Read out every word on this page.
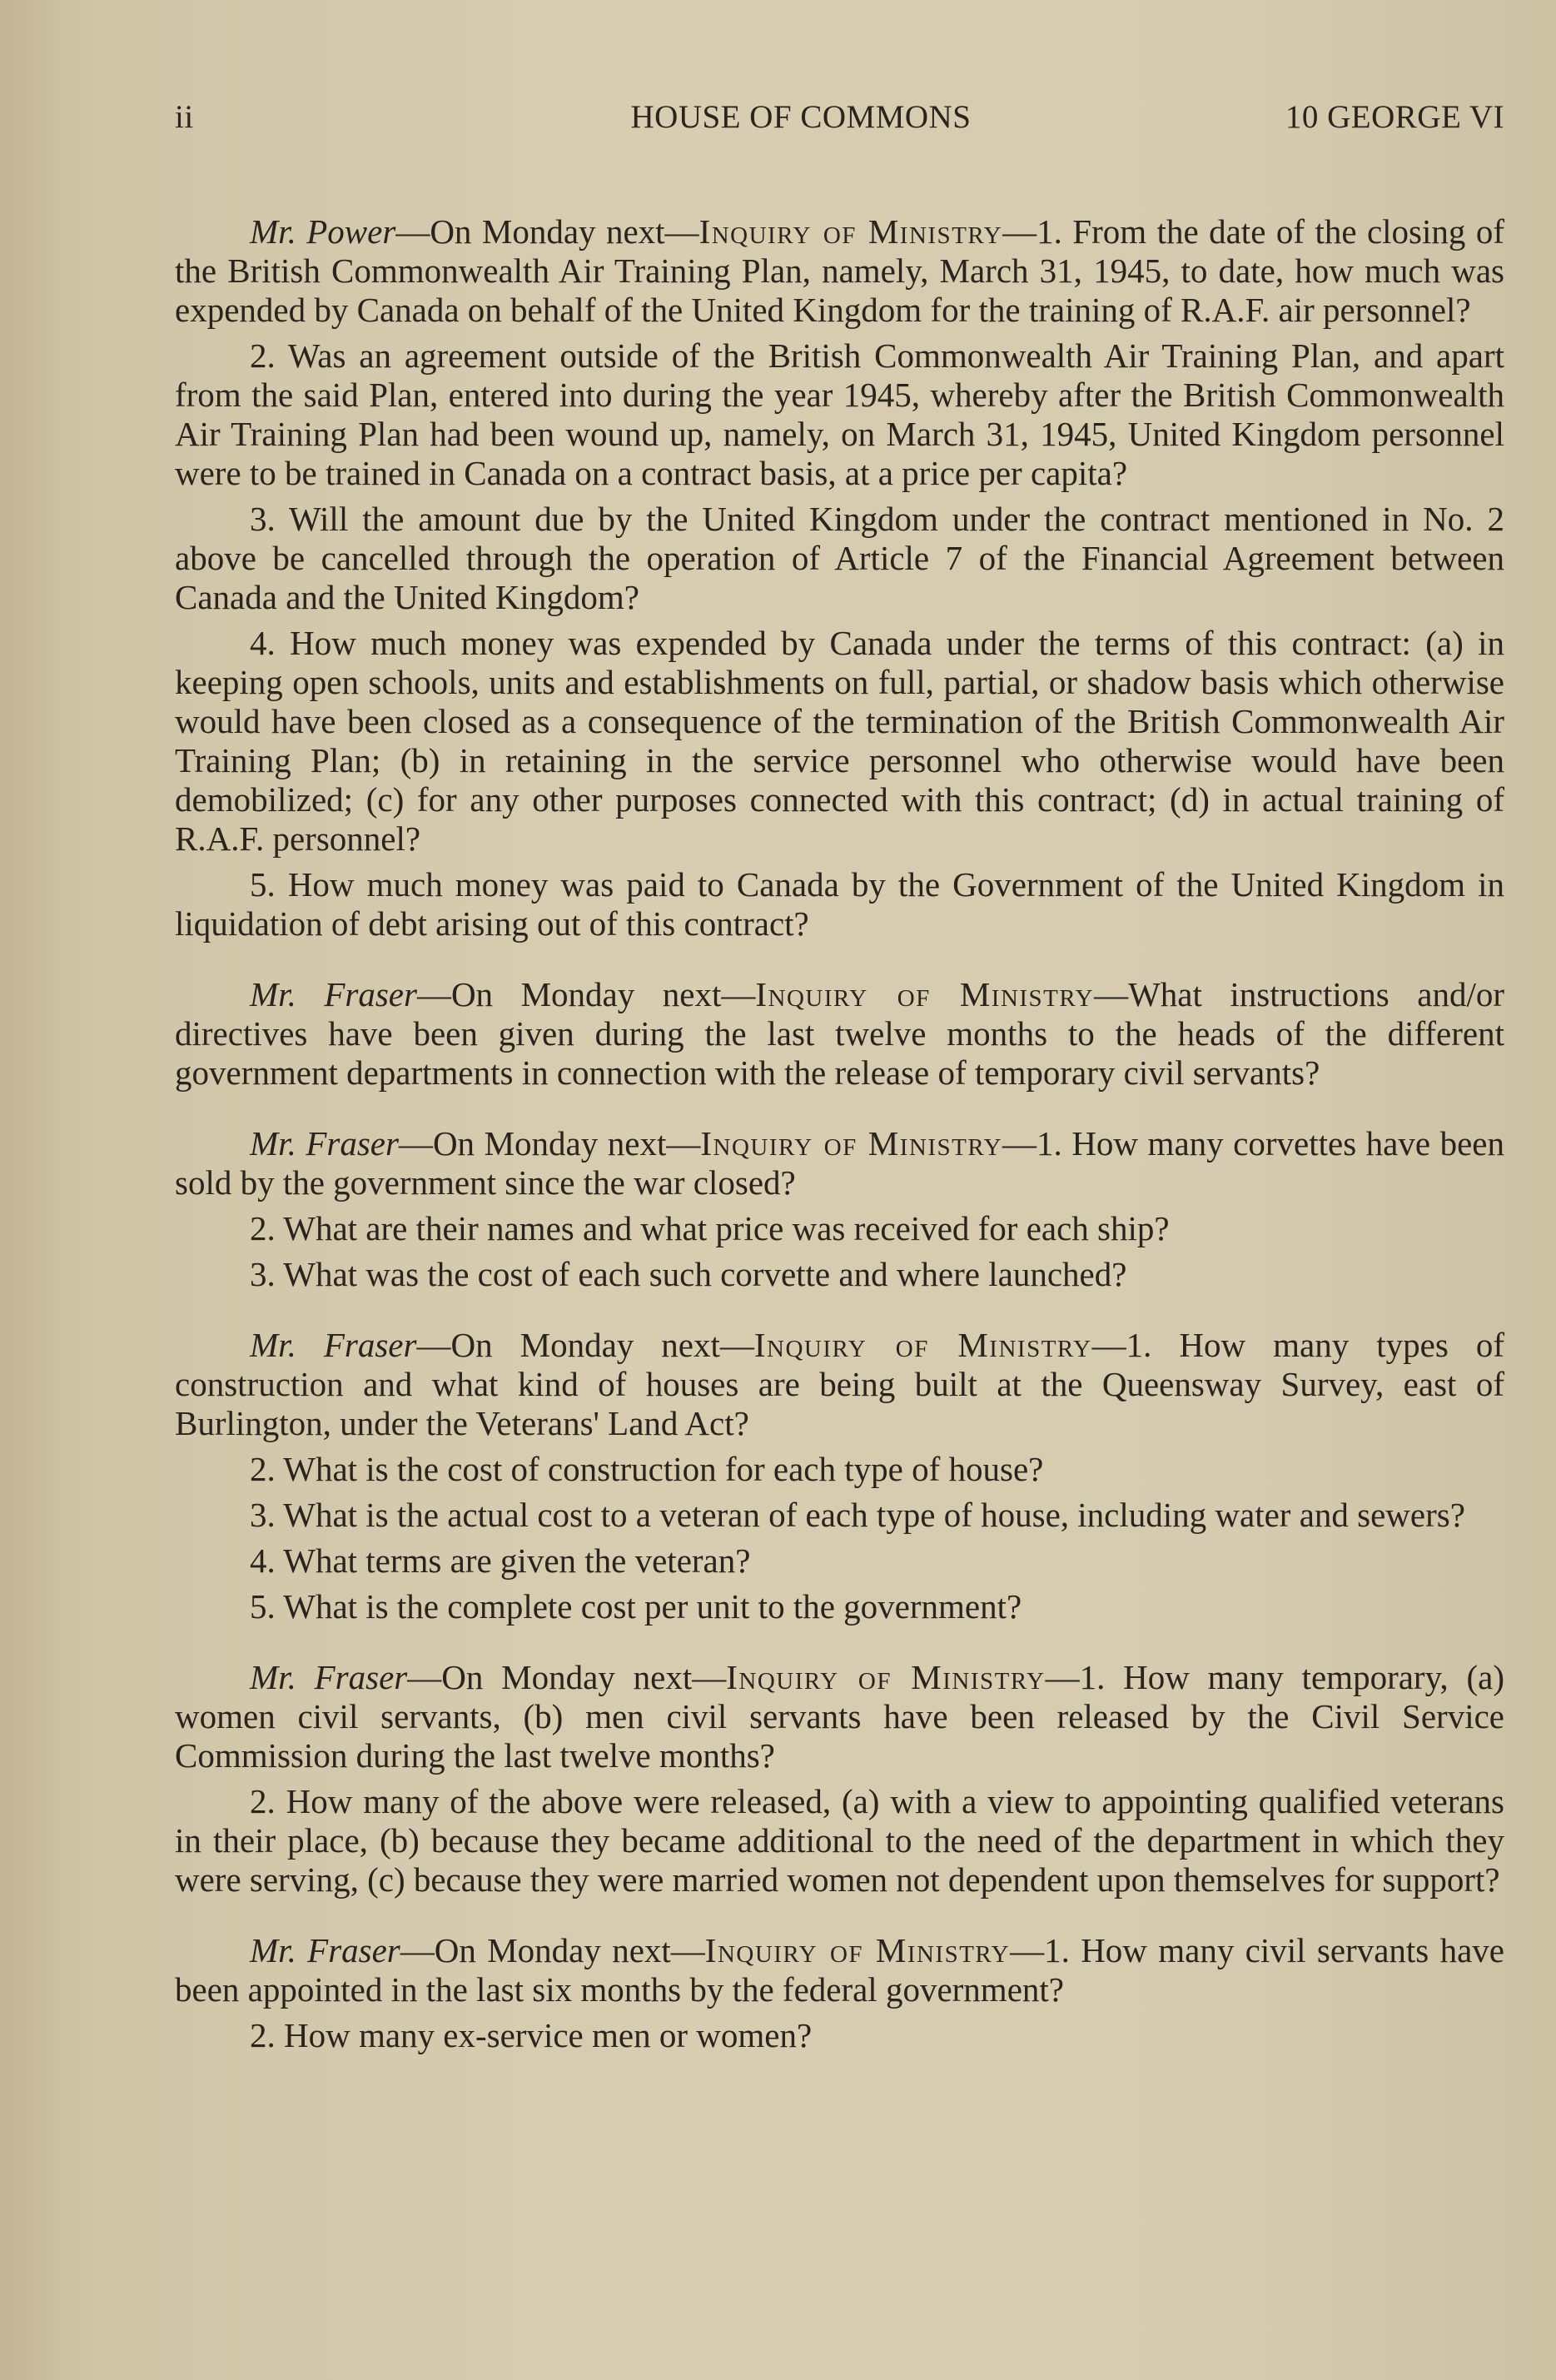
ii	HOUSE OF COMMONS	10 GEORGE VI

Mr. Power—On Monday next—Inquiry of Ministry—1. From the date of the closing of the British Commonwealth Air Training Plan, namely, March 31, 1945, to date, how much was expended by Canada on behalf of the United Kingdom for the training of R.A.F. air personnel?

2. Was an agreement outside of the British Commonwealth Air Training Plan, and apart from the said Plan, entered into during the year 1945, whereby after the British Commonwealth Air Training Plan had been wound up, namely, on March 31, 1945, United Kingdom personnel were to be trained in Canada on a contract basis, at a price per capita?

3. Will the amount due by the United Kingdom under the contract mentioned in No. 2 above be cancelled through the operation of Article 7 of the Financial Agreement between Canada and the United Kingdom?

4. How much money was expended by Canada under the terms of this contract: (a) in keeping open schools, units and establishments on full, partial, or shadow basis which otherwise would have been closed as a consequence of the termination of the British Commonwealth Air Training Plan; (b) in retaining in the service personnel who otherwise would have been demobilized; (c) for any other purposes connected with this contract; (d) in actual training of R.A.F. personnel?

5. How much money was paid to Canada by the Government of the United Kingdom in liquidation of debt arising out of this contract?

Mr. Fraser—On Monday next—Inquiry of Ministry—What instructions and/or directives have been given during the last twelve months to the heads of the different government departments in connection with the release of temporary civil servants?

Mr. Fraser—On Monday next—Inquiry of Ministry—1. How many corvettes have been sold by the government since the war closed?

2. What are their names and what price was received for each ship?

3. What was the cost of each such corvette and where launched?

Mr. Fraser—On Monday next—Inquiry of Ministry—1. How many types of construction and what kind of houses are being built at the Queensway Survey, east of Burlington, under the Veterans' Land Act?

2. What is the cost of construction for each type of house?

3. What is the actual cost to a veteran of each type of house, including water and sewers?

4. What terms are given the veteran?

5. What is the complete cost per unit to the government?

Mr. Fraser—On Monday next—Inquiry of Ministry—1. How many temporary, (a) women civil servants, (b) men civil servants have been released by the Civil Service Commission during the last twelve months?

2. How many of the above were released, (a) with a view to appointing qualified veterans in their place, (b) because they became additional to the need of the department in which they were serving, (c) because they were married women not dependent upon themselves for support?

Mr. Fraser—On Monday next—Inquiry of Ministry—1. How many civil servants have been appointed in the last six months by the federal government?

2. How many ex-service men or women?
